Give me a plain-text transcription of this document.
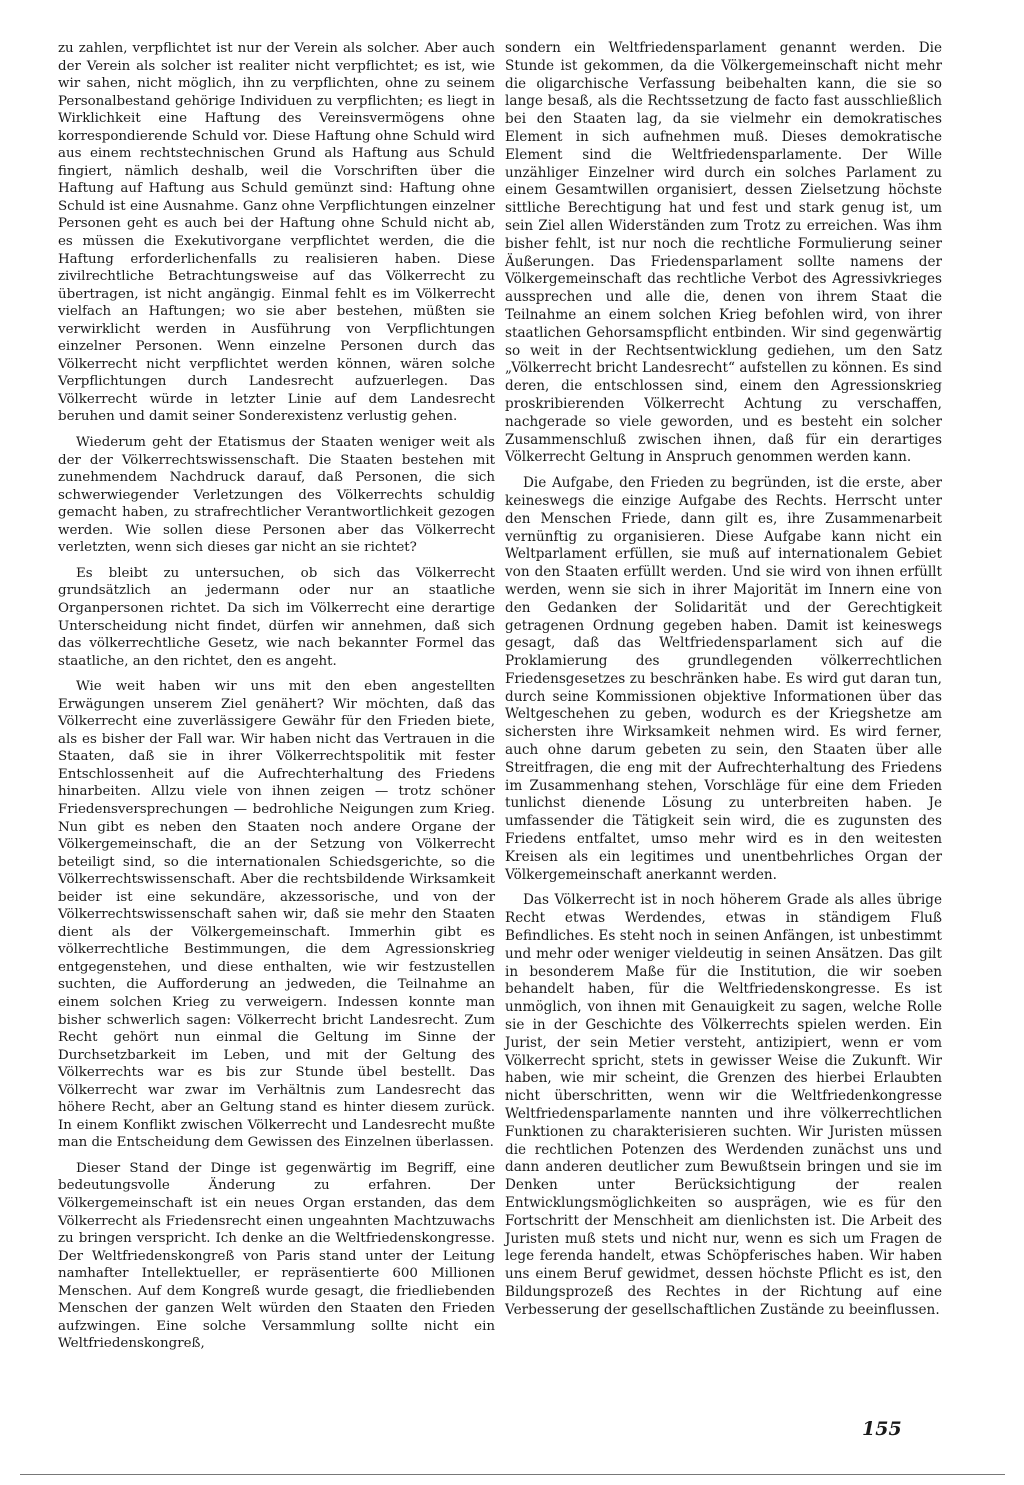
zu zahlen, verpflichtet ist nur der Verein als solcher. Aber auch der Verein als solcher ist realiter nicht verpflichtet; es ist, wie wir sahen, nicht möglich, ihn zu verpflichten, ohne zu seinem Personalbestand gehörige Individuen zu verpflichten; es liegt in Wirklichkeit eine Haftung des Vereinsvermögens ohne korrespondierende Schuld vor. Diese Haftung ohne Schuld wird aus einem rechtstechnischen Grund als Haftung aus Schuld fingiert, nämlich deshalb, weil die Vorschriften über die Haftung auf Haftung aus Schuld gemünzt sind: Haftung ohne Schuld ist eine Ausnahme. Ganz ohne Verpflichtungen einzelner Personen geht es auch bei der Haftung ohne Schuld nicht ab, es müssen die Exekutivorgane verpflichtet werden, die die Haftung erforderlichenfalls zu realisieren haben. Diese zivilrechtliche Betrachtungsweise auf das Völkerrecht zu übertragen, ist nicht angängig. Einmal fehlt es im Völkerrecht vielfach an Haftungen; wo sie aber bestehen, müßten sie verwirklicht werden in Ausführung von Verpflichtungen einzelner Personen. Wenn einzelne Personen durch das Völkerrecht nicht verpflichtet werden können, wären solche Verpflichtungen durch Landesrecht aufzuerlegen. Das Völkerrecht würde in letzter Linie auf dem Landesrecht beruhen und damit seiner Sonderexistenz verlustig gehen.

Wiederum geht der Etatismus der Staaten weniger weit als der der Völkerrechtswissenschaft. Die Staaten bestehen mit zunehmendem Nachdruck darauf, daß Personen, die sich schwerwiegender Verletzungen des Völkerrechts schuldig gemacht haben, zu strafrechtlicher Verantwortlichkeit gezogen werden. Wie sollen diese Personen aber das Völkerrecht verletzten, wenn sich dieses gar nicht an sie richtet?

Es bleibt zu untersuchen, ob sich das Völkerrecht grundsätzlich an jedermann oder nur an staatliche Organpersonen richtet. Da sich im Völkerrecht eine derartige Unterscheidung nicht findet, dürfen wir annehmen, daß sich das völkerrechtliche Gesetz, wie nach bekannter Formel das staatliche, an den richtet, den es angeht.

Wie weit haben wir uns mit den eben angestellten Erwägungen unserem Ziel genähert? Wir möchten, daß das Völkerrecht eine zuverlässigere Gewähr für den Frieden biete, als es bisher der Fall war. Wir haben nicht das Vertrauen in die Staaten, daß sie in ihrer Völkerrechtspolitik mit fester Entschlossenheit auf die Aufrechterhaltung des Friedens hinarbeiten. Allzu viele von ihnen zeigen — trotz schöner Friedensversprechungen — bedrohliche Neigungen zum Krieg. Nun gibt es neben den Staaten noch andere Organe der Völkergemeinschaft, die an der Setzung von Völkerrecht beteiligt sind, so die internationalen Schiedsgerichte, so die Völkerrechtswissenschaft. Aber die rechtsbildende Wirksamkeit beider ist eine sekundäre, akzessorische, und von der Völkerrechtswissenschaft sahen wir, daß sie mehr den Staaten dient als der Völkergemeinschaft. Immerhin gibt es völkerrechtliche Bestimmungen, die dem Agressionskrieg entgegenstehen, und diese enthalten, wie wir festzustellen suchten, die Aufforderung an jedweden, die Teilnahme an einem solchen Krieg zu verweigern. Indessen konnte man bisher schwerlich sagen: Völkerrecht bricht Landesrecht. Zum Recht gehört nun einmal die Geltung im Sinne der Durchsetzbarkeit im Leben, und mit der Geltung des Völkerrechts war es bis zur Stunde übel bestellt. Das Völkerrecht war zwar im Verhältnis zum Landesrecht das höhere Recht, aber an Geltung stand es hinter diesem zurück. In einem Konflikt zwischen Völkerrecht und Landesrecht mußte man die Entscheidung dem Gewissen des Einzelnen überlassen.

Dieser Stand der Dinge ist gegenwärtig im Begriff, eine bedeutungsvolle Änderung zu erfahren. Der Völkergemeinschaft ist ein neues Organ erstanden, das dem Völkerrecht als Friedensrecht einen ungeahnten Machtzuwachs zu bringen verspricht. Ich denke an die Weltfriedenskongresse. Der Weltfriedenskongreß von Paris stand unter der Leitung namhafter Intellektueller, er repräsentierte 600 Millionen Menschen. Auf dem Kongreß wurde gesagt, die friedliebenden Menschen der ganzen Welt würden den Staaten den Frieden aufzwingen. Eine solche Versammlung sollte nicht ein Weltfriedenskongreß,

sondern ein Weltfriedensparlament genannt werden. Die Stunde ist gekommen, da die Völkergemeinschaft nicht mehr die oligarchische Verfassung beibehalten kann, die sie so lange besaß, als die Rechtssetzung de facto fast ausschließlich bei den Staaten lag, da sie vielmehr ein demokratisches Element in sich aufnehmen muß. Dieses demokratische Element sind die Weltfriedensparlamente. Der Wille unzähliger Einzelner wird durch ein solches Parlament zu einem Gesamtwillen organisiert, dessen Zielsetzung höchste sittliche Berechtigung hat und fest und stark genug ist, um sein Ziel allen Widerständen zum Trotz zu erreichen. Was ihm bisher fehlt, ist nur noch die rechtliche Formulierung seiner Äußerungen. Das Friedensparlament sollte namens der Völkergemeinschaft das rechtliche Verbot des Agressivkrieges aussprechen und alle die, denen von ihrem Staat die Teilnahme an einem solchen Krieg befohlen wird, von ihrer staatlichen Gehorsamspflicht entbinden. Wir sind gegenwärtig so weit in der Rechtsentwicklung gediehen, um den Satz „Völkerrecht bricht Landesrecht“ aufstellen zu können. Es sind deren, die entschlossen sind, einem den Agressionskrieg proskribierenden Völkerrecht Achtung zu verschaffen, nachgerade so viele geworden, und es besteht ein solcher Zusammenschluß zwischen ihnen, daß für ein derartiges Völkerrecht Geltung in Anspruch genommen werden kann.

Die Aufgabe, den Frieden zu begründen, ist die erste, aber keineswegs die einzige Aufgabe des Rechts. Herrscht unter den Menschen Friede, dann gilt es, ihre Zusammenarbeit vernünftig zu organisieren. Diese Aufgabe kann nicht ein Weltparlament erfüllen, sie muß auf internationalem Gebiet von den Staaten erfüllt werden. Und sie wird von ihnen erfüllt werden, wenn sie sich in ihrer Majorität im Innern eine von den Gedanken der Solidarität und der Gerechtigkeit getragenen Ordnung gegeben haben. Damit ist keineswegs gesagt, daß das Weltfriedensparlament sich auf die Proklamierung des grundlegenden völkerrechtlichen Friedensgesetzes zu beschränken habe. Es wird gut daran tun, durch seine Kommissionen objektive Informationen über das Weltgeschehen zu geben, wodurch es der Kriegshetze am sichersten ihre Wirksamkeit nehmen wird. Es wird ferner, auch ohne darum gebeten zu sein, den Staaten über alle Streitfragen, die eng mit der Aufrechterhaltung des Friedens im Zusammenhang stehen, Vorschläge für eine dem Frieden tunlichst dienende Lösung zu unterbreiten haben. Je umfassender die Tätigkeit sein wird, die es zugunsten des Friedens entfaltet, umso mehr wird es in den weitesten Kreisen als ein legitimes und unentbehrliches Organ der Völkergemeinschaft anerkannt werden.

Das Völkerrecht ist in noch höherem Grade als alles übrige Recht etwas Werdendes, etwas in ständigem Fluß Befindliches. Es steht noch in seinen Anfängen, ist unbestimmt und mehr oder weniger vieldeutig in seinen Ansätzen. Das gilt in besonderem Maße für die Institution, die wir soeben behandelt haben, für die Weltfriedenskongresse. Es ist unmöglich, von ihnen mit Genauigkeit zu sagen, welche Rolle sie in der Geschichte des Völkerrechts spielen werden. Ein Jurist, der sein Metier versteht, antizipiert, wenn er vom Völkerrecht spricht, stets in gewisser Weise die Zukunft. Wir haben, wie mir scheint, die Grenzen des hierbei Erlaubten nicht überschritten, wenn wir die Weltfriedenkongresse Weltfriedensparlamente nannten und ihre völkerrechtlichen Funktionen zu charakterisieren suchten. Wir Juristen müssen die rechtlichen Potenzen des Werdenden zunächst uns und dann anderen deutlicher zum Bewußtsein bringen und sie im Denken unter Berücksichtigung der realen Entwicklungsmöglichkeiten so ausprägen, wie es für den Fortschritt der Menschheit am dienlichsten ist. Die Arbeit des Juristen muß stets und nicht nur, wenn es sich um Fragen de lege ferenda handelt, etwas Schöpferisches haben. Wir haben uns einem Beruf gewidmet, dessen höchste Pflicht es ist, den Bildungsprozeß des Rechtes in der Richtung auf eine Verbesserung der gesellschaftlichen Zustände zu beeinflussen.

155
